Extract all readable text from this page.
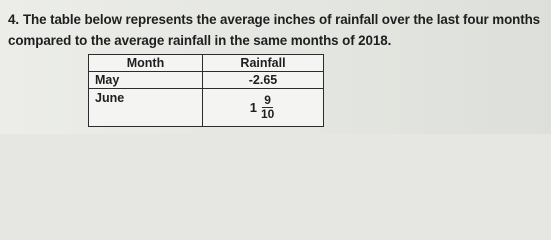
4. The table below represents the average inches of rainfall over the last four months
compared to the average rainfall in the same months of 2018.
Month	Rainfall
May	-2.65
June	$1 \frac{9}{10}$
